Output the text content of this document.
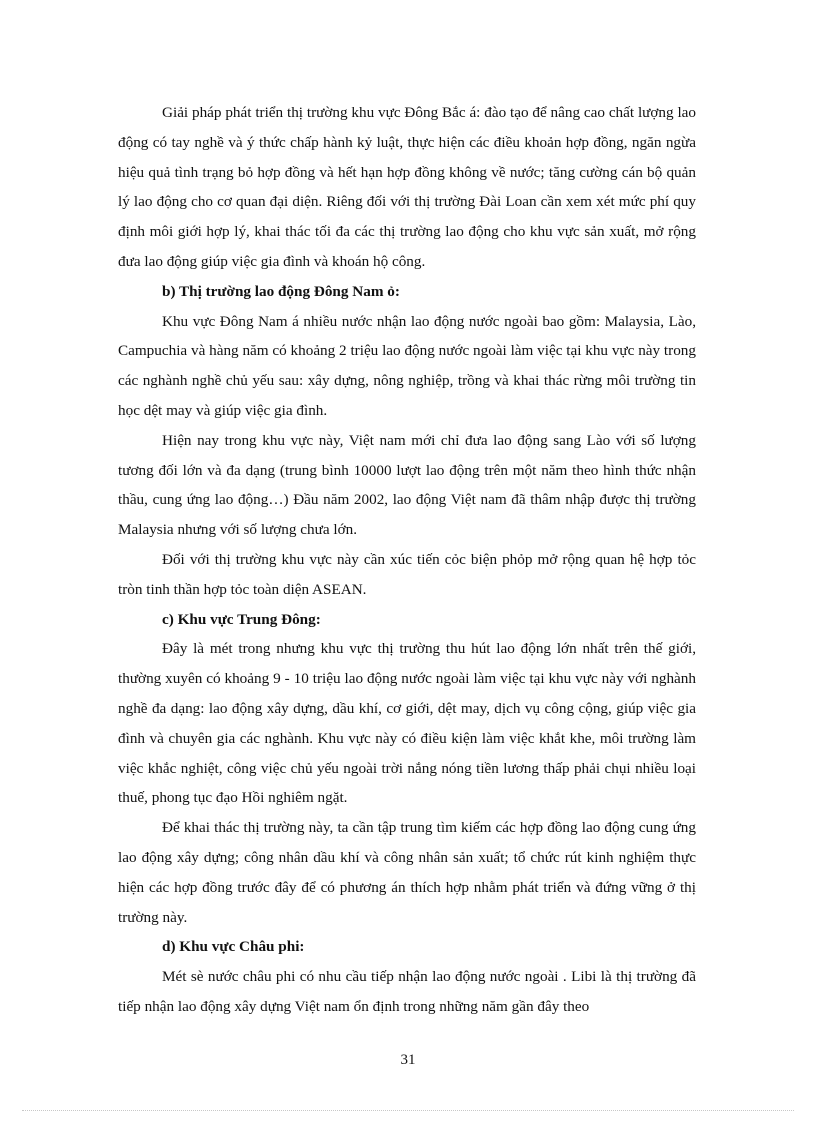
Giải pháp phát triển thị trường khu vực Đông Bắc á: đào tạo để nâng cao chất lượng lao động có tay nghề và ý thức chấp hành kỷ luật, thực hiện các điều khoản hợp đồng, ngăn ngừa hiệu quả tình trạng bỏ hợp đồng và hết hạn hợp đồng không về nước; tăng cường cán bộ quản lý lao động cho cơ quan đại diện. Riêng đối với thị trường Đài Loan cần xem xét mức phí quy định môi giới hợp lý, khai thác tối đa các thị trường lao động cho khu vực sản xuất, mở rộng đưa lao động giúp việc gia đình và khoán hộ công.

b) Thị trường lao động Đông Nam ỏ:

Khu vực Đông Nam á nhiều nước nhận lao động nước ngoài bao gồm: Malaysia, Lào, Campuchia và hàng năm có khoảng 2 triệu lao động nước ngoài làm việc tại khu vực này trong các nghành nghề chủ yếu sau: xây dựng, nông nghiệp, trồng và khai thác rừng môi trường tin học dệt may và giúp việc gia đình.

Hiện nay trong khu vực này, Việt nam mới chỉ đưa lao động sang Lào với số lượng tương đối lớn và đa dạng (trung bình 10000 lượt lao động trên một năm theo hình thức nhận thầu, cung ứng lao động…) Đầu năm 2002, lao động Việt nam đã thâm nhập được thị trường Malaysia nhưng với số lượng chưa lớn.

Đối với thị trường khu vực này cần xúc tiến cỏc biện phỏp mở rộng quan hệ hợp tỏc tròn tinh thần hợp tỏc toàn diện ASEAN.

c) Khu vực Trung Đông:

Đây là mét trong nhưng khu vực thị trường thu hút lao động lớn nhất trên thế giới, thường xuyên có khoảng 9 - 10 triệu lao động nước ngoài làm việc tại khu vực này với nghành nghề đa dạng: lao động xây dựng, dầu khí, cơ giới, dệt may, dịch vụ công cộng, giúp việc gia đình và chuyên gia các nghành. Khu vực này có điều kiện làm việc khắt khe, môi trường làm việc khắc nghiệt, công việc chủ yếu ngoài trời nắng nóng tiền lương thấp phải chụi nhiều loại thuế, phong tục đạo Hồi nghiêm ngặt.

Để khai thác thị trường này, ta cần tập trung tìm kiếm các hợp đồng lao động cung ứng lao động xây dựng; công nhân dầu khí và công nhân sản xuất; tổ chức rút kinh nghiệm thực hiện các hợp đồng trước đây để có phương án thích hợp nhằm phát triển và đứng vững ở thị trường này.

d) Khu vực Châu phi:

Mét sè nước châu phi có nhu cầu tiếp nhận lao động nước ngoài . Libi là thị trường đã tiếp nhận lao động xây dựng Việt nam ổn định trong những năm gần đây theo

31
